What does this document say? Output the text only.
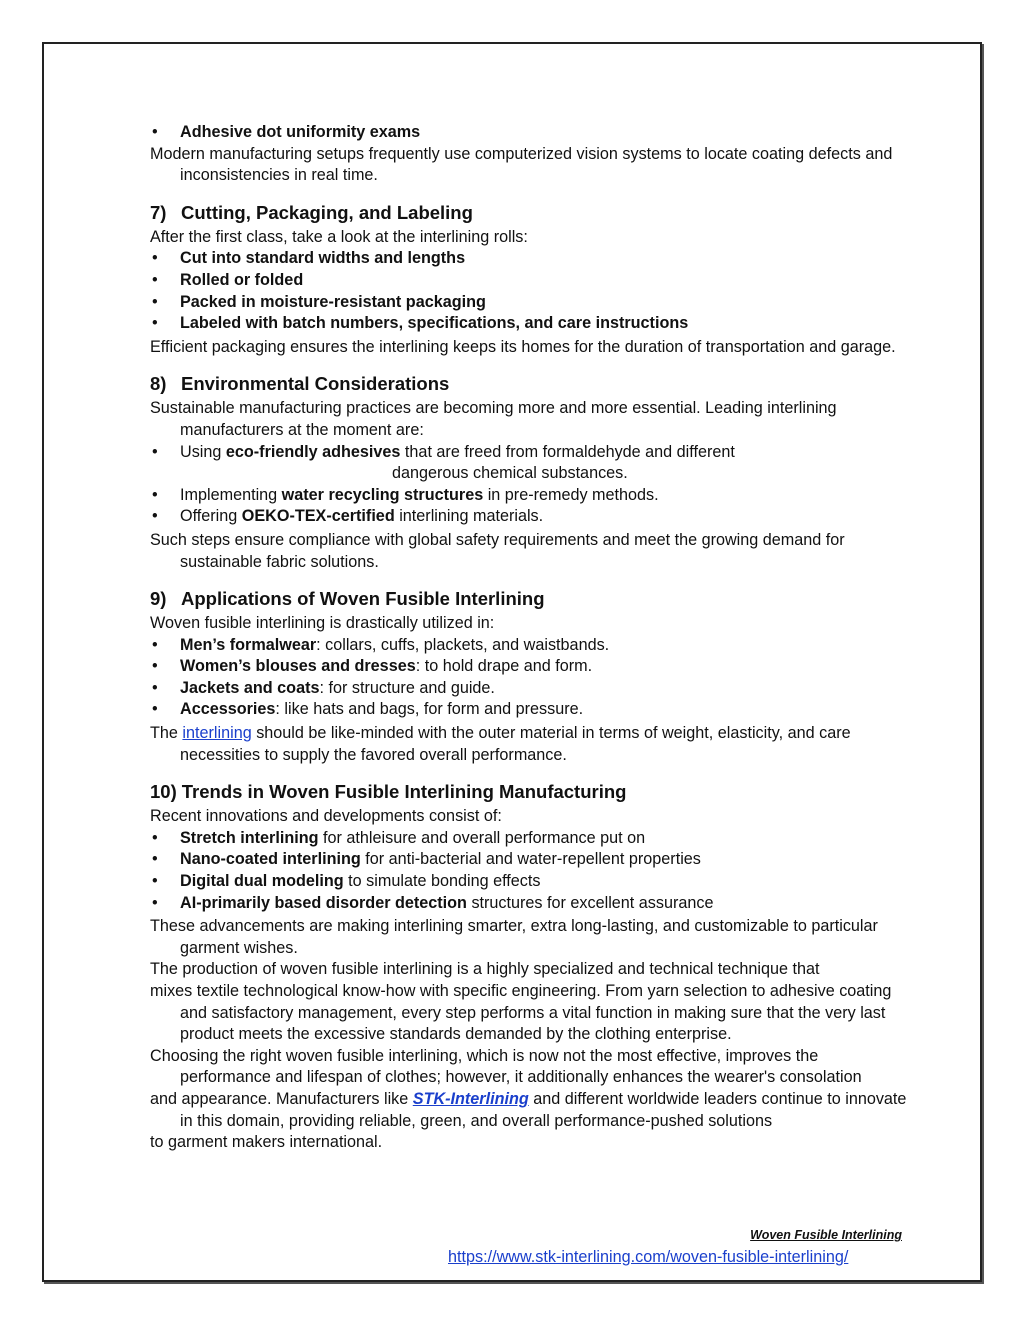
• Adhesive dot uniformity exams

Modern manufacturing setups frequently use computerized vision systems to locate coating defects and inconsistencies in real time.

7) Cutting, Packaging, and Labeling

After the first class, take a look at the interlining rolls:

• Cut into standard widths and lengths
• Rolled or folded
• Packed in moisture-resistant packaging
• Labeled with batch numbers, specifications, and care instructions

Efficient packaging ensures the interlining keeps its homes for the duration of transportation and garage.

8) Environmental Considerations

Sustainable manufacturing practices are becoming more and more essential. Leading interlining manufacturers at the moment are:

• Using eco-friendly adhesives that are freed from formaldehyde and different
dangerous chemical substances.
• Implementing water recycling structures in pre-remedy methods.
• Offering OEKO-TEX-certified interlining materials.

Such steps ensure compliance with global safety requirements and meet the growing demand for sustainable fabric solutions.

9) Applications of Woven Fusible Interlining

Woven fusible interlining is drastically utilized in:

• Men’s formalwear: collars, cuffs, plackets, and waistbands.
• Women’s blouses and dresses: to hold drape and form.
• Jackets and coats: for structure and guide.
• Accessories: like hats and bags, for form and pressure.

The interlining should be like-minded with the outer material in terms of weight, elasticity, and care necessities to supply the favored overall performance.

10) Trends in Woven Fusible Interlining Manufacturing

Recent innovations and developments consist of:

• Stretch interlining for athleisure and overall performance put on
• Nano-coated interlining for anti-bacterial and water-repellent properties
• Digital dual modeling to simulate bonding effects
• AI-primarily based disorder detection structures for excellent assurance

These advancements are making interlining smarter, extra long-lasting, and customizable to particular garment wishes.

The production of woven fusible interlining is a highly specialized and technical technique that

mixes textile technological know-how with specific engineering. From yarn selection to adhesive coating and satisfactory management, every step performs a vital function in making sure that the very last product meets the excessive standards demanded by the clothing enterprise.

Choosing the right woven fusible interlining, which is now not the most effective, improves the performance and lifespan of clothes; however, it additionally enhances the wearer's consolation

and appearance. Manufacturers like STK-Interlining and different worldwide leaders continue to innovate in this domain, providing reliable, green, and overall performance-pushed solutions

to garment makers international.

Woven Fusible Interlining
https://www.stk-interlining.com/woven-fusible-interlining/
